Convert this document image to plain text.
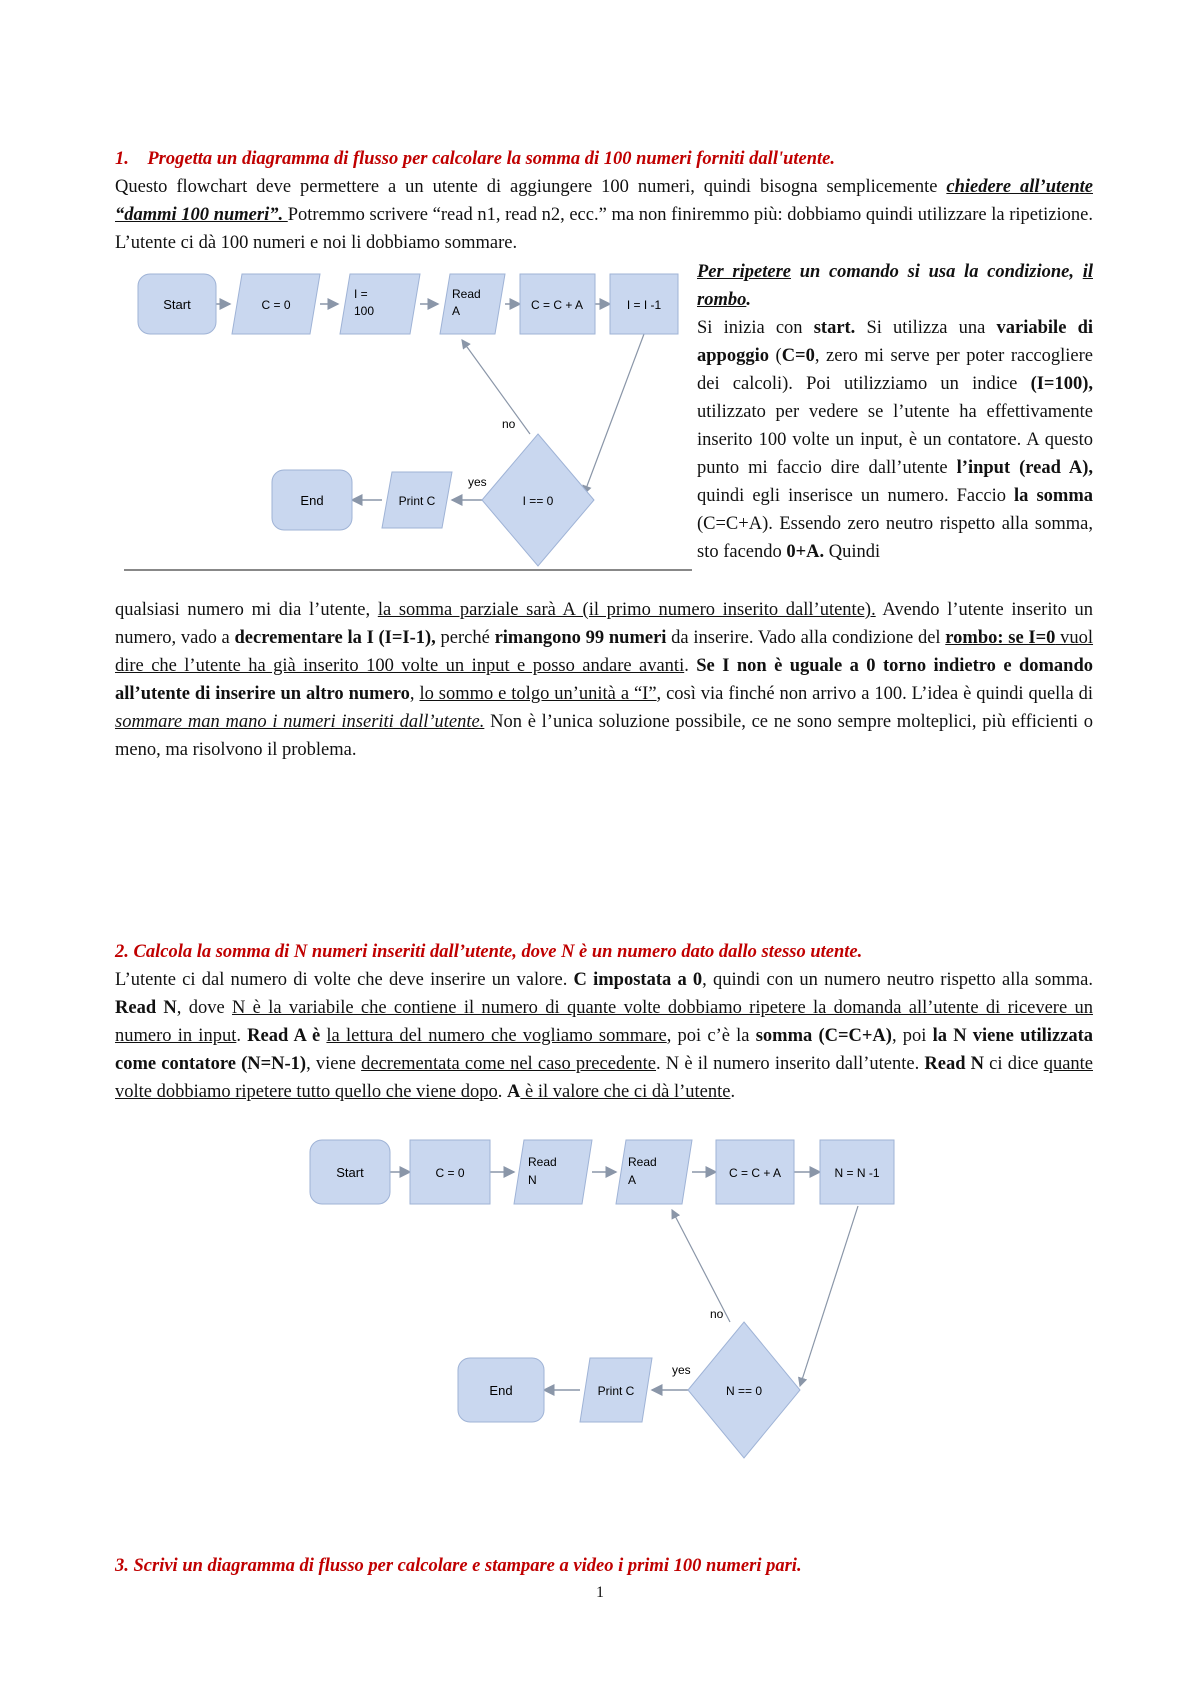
1. Progetta un diagramma di flusso per calcolare la somma di 100 numeri forniti dall'utente.
Questo flowchart deve permettere a un utente di aggiungere 100 numeri, quindi bisogna semplicemente chiedere all’utente “dammi 100 numeri”. Potremmo scrivere “read n1, read n2, ecc.” ma non finiremmo più: dobbiamo quindi utilizzare la ripetizione. L’utente ci dà 100 numeri e noi li dobbiamo sommare.
Start	C = 0
I =
100
Read
A	C = C + A	I = I -1
I == 0
Print C
End
no
yes
Per ripetere un comando si usa la condizione, il rombo.
Si inizia con start. Si utilizza una variabile di appoggio (C=0, zero mi serve per poter raccogliere dei calcoli). Poi utilizziamo un indice (I=100), utilizzato per vedere se l’utente ha effettivamente inserito 100 volte un input, è un contatore. A questo punto mi faccio dire dall’utente l’input (read A), quindi egli inserisce un numero. Faccio la somma (C=C+A). Essendo zero neutro rispetto alla somma, sto facendo 0+A. Quindi
qualsiasi numero mi dia l’utente, la somma parziale sarà A (il primo numero inserito dall’utente). Avendo l’utente inserito un numero, vado a decrementare la I (I=I-1), perché rimangono 99 numeri da inserire. Vado alla condizione del rombo: se I=0 vuol dire che l’utente ha già inserito 100 volte un input e posso andare avanti. Se I non è uguale a 0 torno indietro e domando all’utente di inserire un altro numero, lo sommo e tolgo un’unità a “I”, così via finché non arrivo a 100. L’idea è quindi quella di sommare man mano i numeri inseriti dall’utente. Non è l’unica soluzione possibile, ce ne sono sempre molteplici, più efficienti o meno, ma risolvono il problema.
2. Calcola la somma di N numeri inseriti dall’utente, dove N è un numero dato dallo stesso utente.
L’utente ci dal numero di volte che deve inserire un valore. C impostata a 0, quindi con un numero neutro rispetto alla somma. Read N, dove N è la variabile che contiene il numero di quante volte dobbiamo ripetere la domanda all’utente di ricevere un numero in input. Read A è la lettura del numero che vogliamo sommare, poi c’è la somma (C=C+A), poi la N viene utilizzata come contatore (N=N-1), viene decrementata come nel caso precedente. N è il numero inserito dall’utente. Read N ci dice quante volte dobbiamo ripetere tutto quello che viene dopo. A è il valore che ci dà l’utente.
Start	C = 0
Read
N
Read
A	C = C + A	N = N -1
N == 0
Print C
End
no
yes
3. Scrivi un diagramma di flusso per calcolare e stampare a video i primi 100 numeri pari.
1
